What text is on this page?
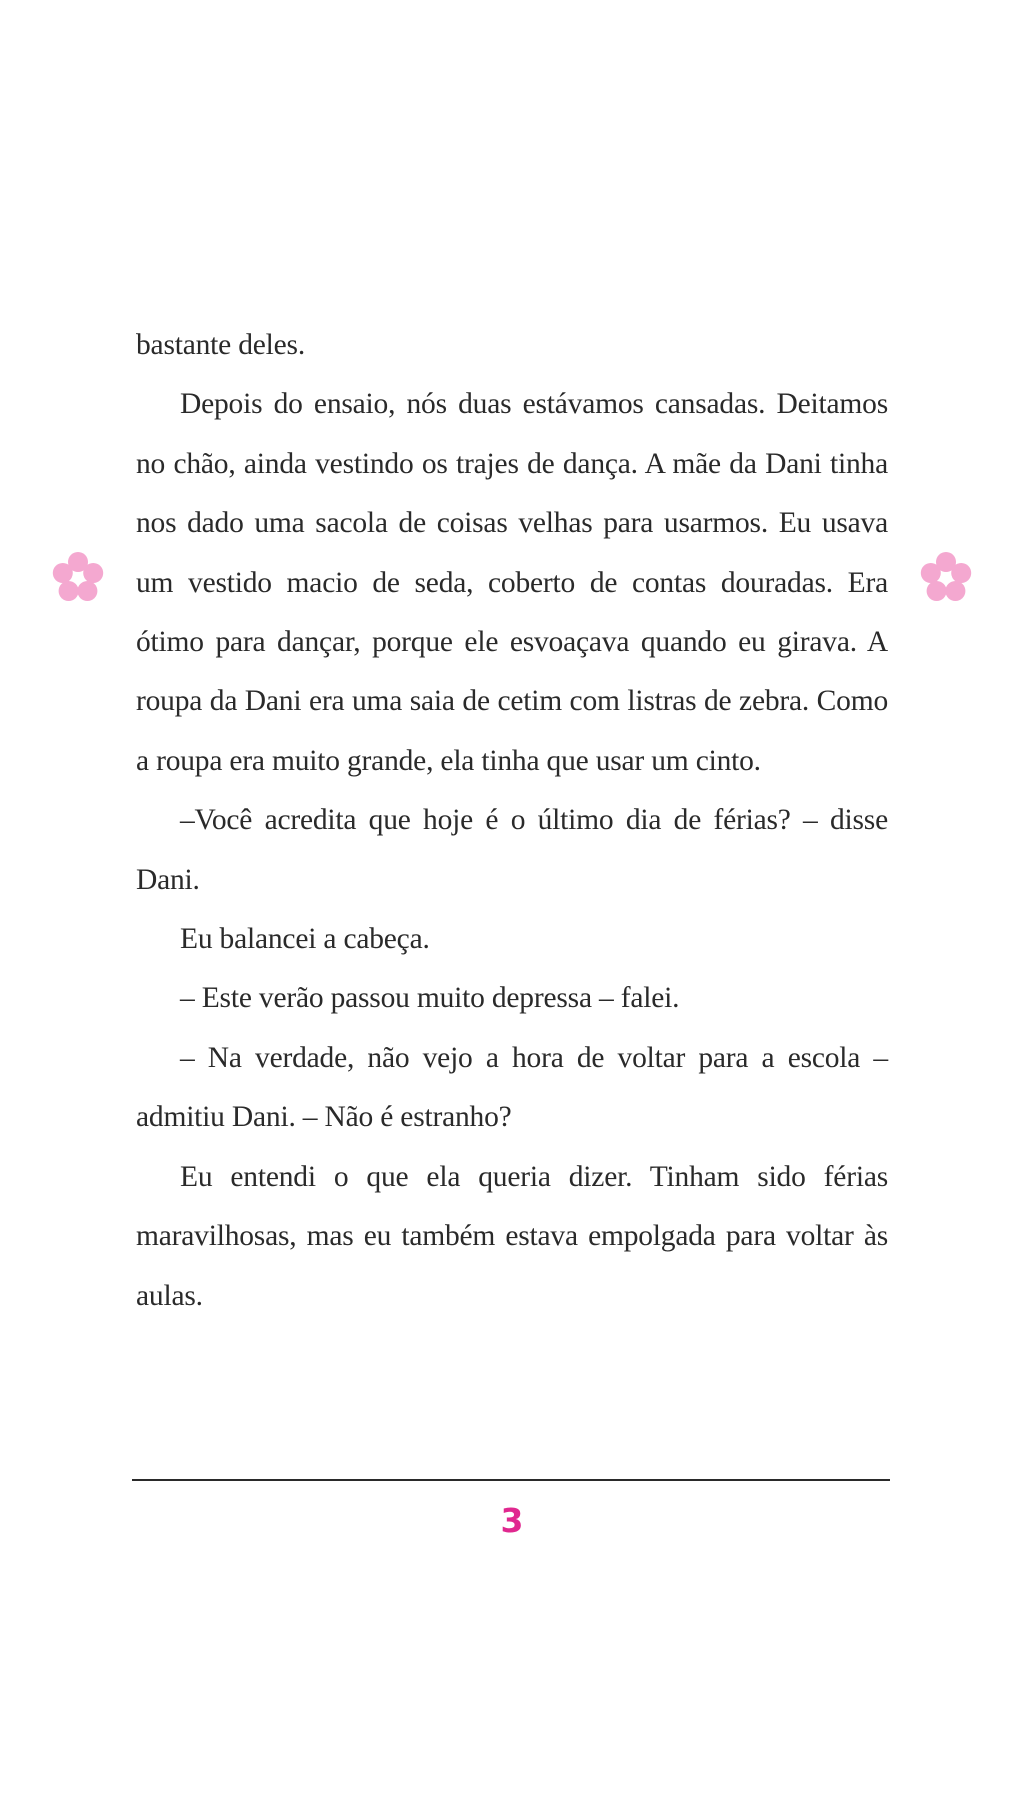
bastante deles.

Depois do ensaio, nós duas estávamos cansadas. Deitamos no chão, ainda vestindo os trajes de dança. A mãe da Dani tinha nos dado uma sacola de coisas velhas para usarmos. Eu usava um vestido macio de seda, coberto de contas douradas. Era ótimo para dançar, porque ele esvoaçava quando eu girava. A roupa da Dani era uma saia de cetim com listras de zebra. Como a roupa era muito grande, ela tinha que usar um cinto.

–Você acredita que hoje é o último dia de férias? – disse Dani.

Eu balancei a cabeça.

– Este verão passou muito depressa – falei.

– Na verdade, não vejo a hora de voltar para a escola – admitiu Dani. – Não é estranho?

Eu entendi o que ela queria dizer. Tinham sido férias maravilhosas, mas eu também estava empolgada para voltar às aulas.

3
